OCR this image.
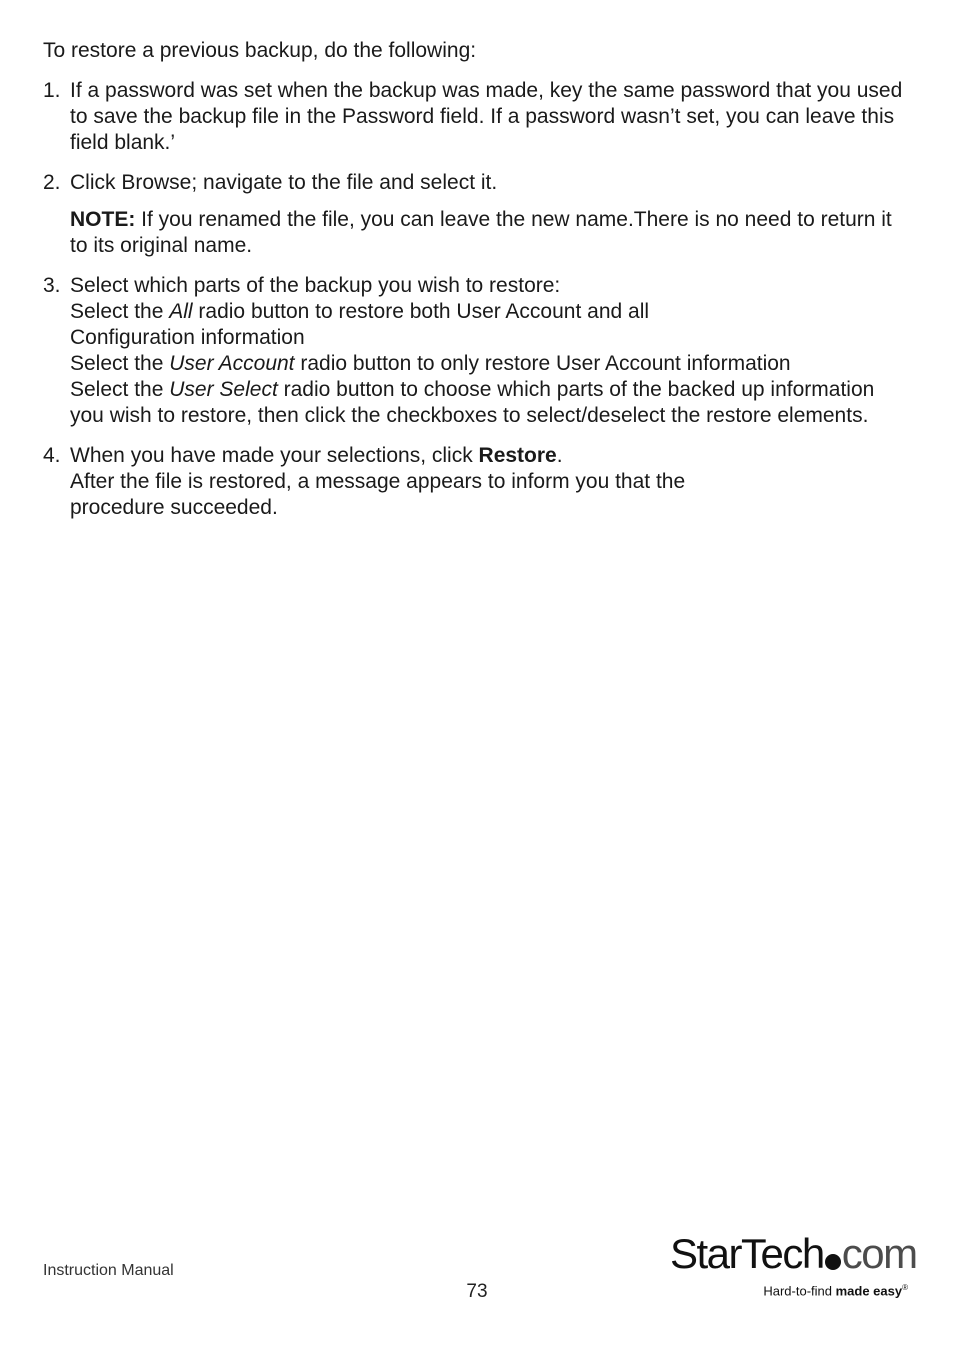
To restore a previous backup, do the following:

1. If a password was set when the backup was made, key the same password that you used to save the backup file in the Password field. If a password wasn’t set, you can leave this field blank.’

2. Click Browse; navigate to the file and select it.

NOTE: If you renamed the file, you can leave the new name.There is no need to return it to its original name.

3. Select which parts of the backup you wish to restore:
Select the All radio button to restore both User Account and all Configuration information
Select the User Account radio button to only restore User Account information
Select the User Select radio button to choose which parts of the backed up information you wish to restore, then click the checkboxes to select/deselect the restore elements.
4. When you have made your selections, click Restore.
After the file is restored, a message appears to inform you that the procedure succeeded.
Instruction Manual
73
StarTech com
Hard-to-find made easy®
